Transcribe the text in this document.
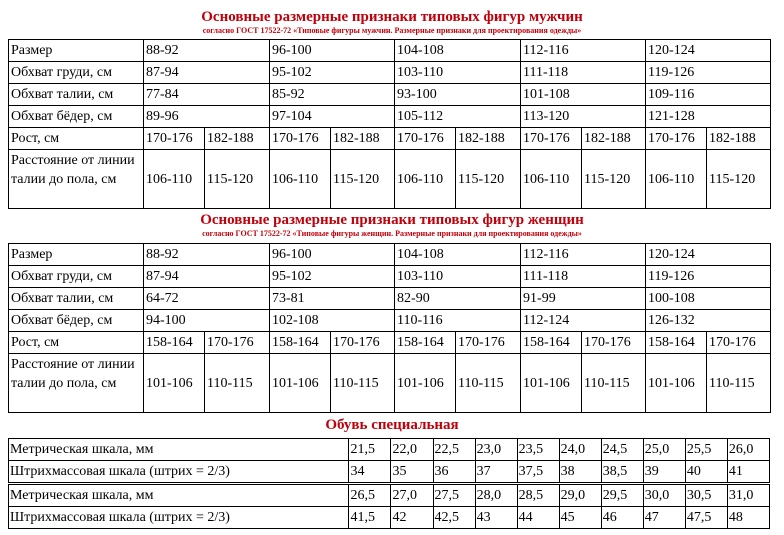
Основные размерные признаки типовых фигур мужчин
согласно ГОСТ 17522-72 «Типовые фигуры мужчин. Размерные признаки для проектирования одежды»
Размер	88-92		96-100		104-108		112-116		120-124	
Обхват груди, см	87-94		95-102		103-110		111-118		119-126	
Обхват талии, см	77-84		85-92		93-100		101-108		109-116	
Обхват бёдер, см	89-96		97-104		105-112		113-120		121-128	
Рост, см	170-176	182-188	170-176	182-188	170-176	182-188	170-176	182-188	170-176	182-188
Расстояние от линии талии до пола, см	106-110	115-120	106-110	115-120	106-110	115-120	106-110	115-120	106-110	115-120
Основные размерные признаки типовых фигур женщин
согласно ГОСТ 17522-72 «Типовые фигуры женщин. Размерные признаки для проектирования одежды»
Размер	88-92		96-100		104-108		112-116		120-124	
Обхват груди, см	87-94		95-102		103-110		111-118		119-126	
Обхват талии, см	64-72		73-81		82-90		91-99		100-108	
Обхват бёдер, см	94-100		102-108		110-116		112-124		126-132	
Рост, см	158-164	170-176	158-164	170-176	158-164	170-176	158-164	170-176	158-164	170-176
Расстояние от линии талии до пола, см	101-106	110-115	101-106	110-115	101-106	110-115	101-106	110-115	101-106	110-115
Обувь специальная
Метрическая шкала, мм	21,5	22,0	22,5	23,0	23,5	24,0	24,5	25,0	25,5	26,0
Штрихмассовая шкала (штрих = 2/3)	34	35	36	37	37,5	38	38,5	39	40	41
Метрическая шкала, мм	26,5	27,0	27,5	28,0	28,5	29,0	29,5	30,0	30,5	31,0
Штрихмассовая шкала (штрих = 2/3)	41,5	42	42,5	43	44	45	46	47	47,5	48
